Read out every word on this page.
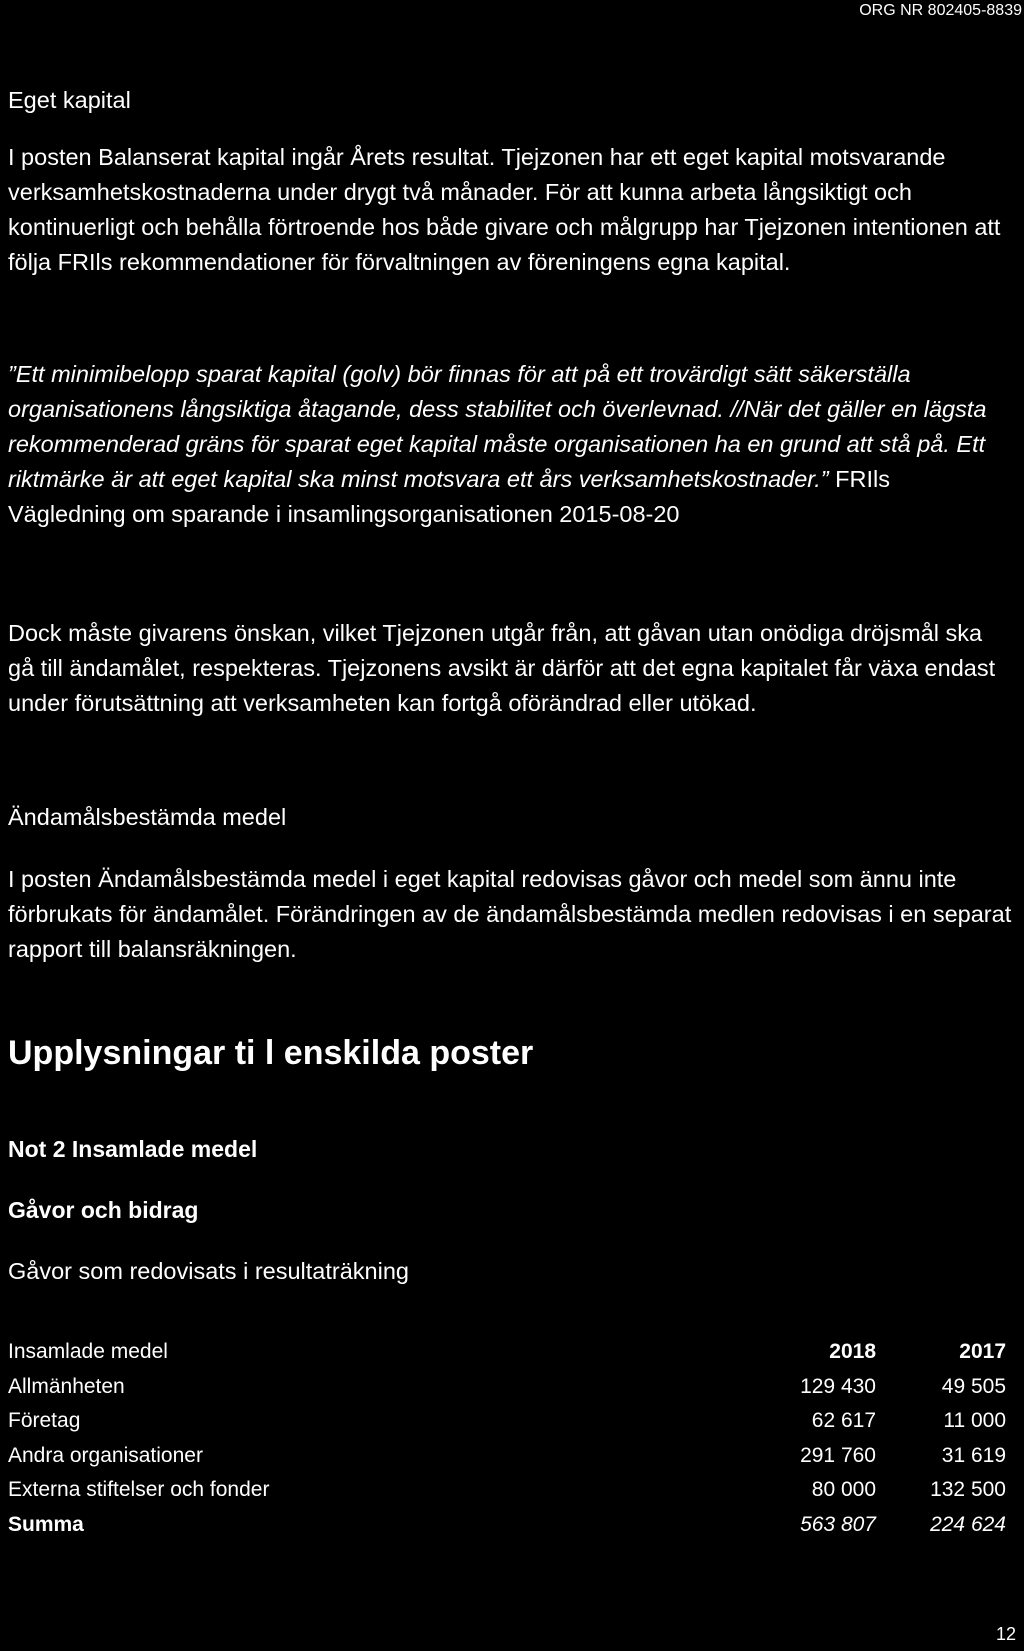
ORG NR 802405-8839

Eget kapital

I posten Balanserat kapital ingår Årets resultat. Tjejzonen har ett eget kapital motsvarande verksamhetskostnaderna under drygt två månader. För att kunna arbeta långsiktigt och kontinuerligt och behålla förtroende hos både givare och målgrupp har Tjejzonen intentionen att följa FRIls rekommendationer för förvaltningen av föreningens egna kapital.

”Ett minimibelopp sparat kapital (golv) bör finnas för att på ett trovärdigt sätt säkerställa organisationens långsiktiga åtagande, dess stabilitet och överlevnad. //När det gäller en lägsta rekommenderad gräns för sparat eget kapital måste organisationen ha en grund att stå på. Ett riktmärke är att eget kapital ska minst motsvara ett års verksamhetskostnader.” FRIls Vägledning om sparande i insamlingsorganisationen 2015-08-20

Dock måste givarens önskan, vilket Tjejzonen utgår från, att gåvan utan onödiga dröjsmål ska gå till ändamålet, respekteras. Tjejzonens avsikt är därför att det egna kapitalet får växa endast under förutsättning att verksamheten kan fortgå oförändrad eller utökad.

Ändamålsbestämda medel

I posten Ändamålsbestämda medel i eget kapital redovisas gåvor och medel som ännu inte förbrukats för ändamålet. Förändringen av de ändamålsbestämda medlen redovisas i en separat rapport till balansräkningen.

Upplysningar ti l enskilda poster
Not 2 Insamlade medel
Gåvor och bidrag

Gåvor som redovisats i resultaträkning

Insamlade medel	2018	2017
Allmänheten	129 430	49 505
Företag	62 617	11 000
Andra organisationer	291 760	31 619
Externa stiftelser och fonder	80 000	132 500
Summa	563 807	224 624
12
